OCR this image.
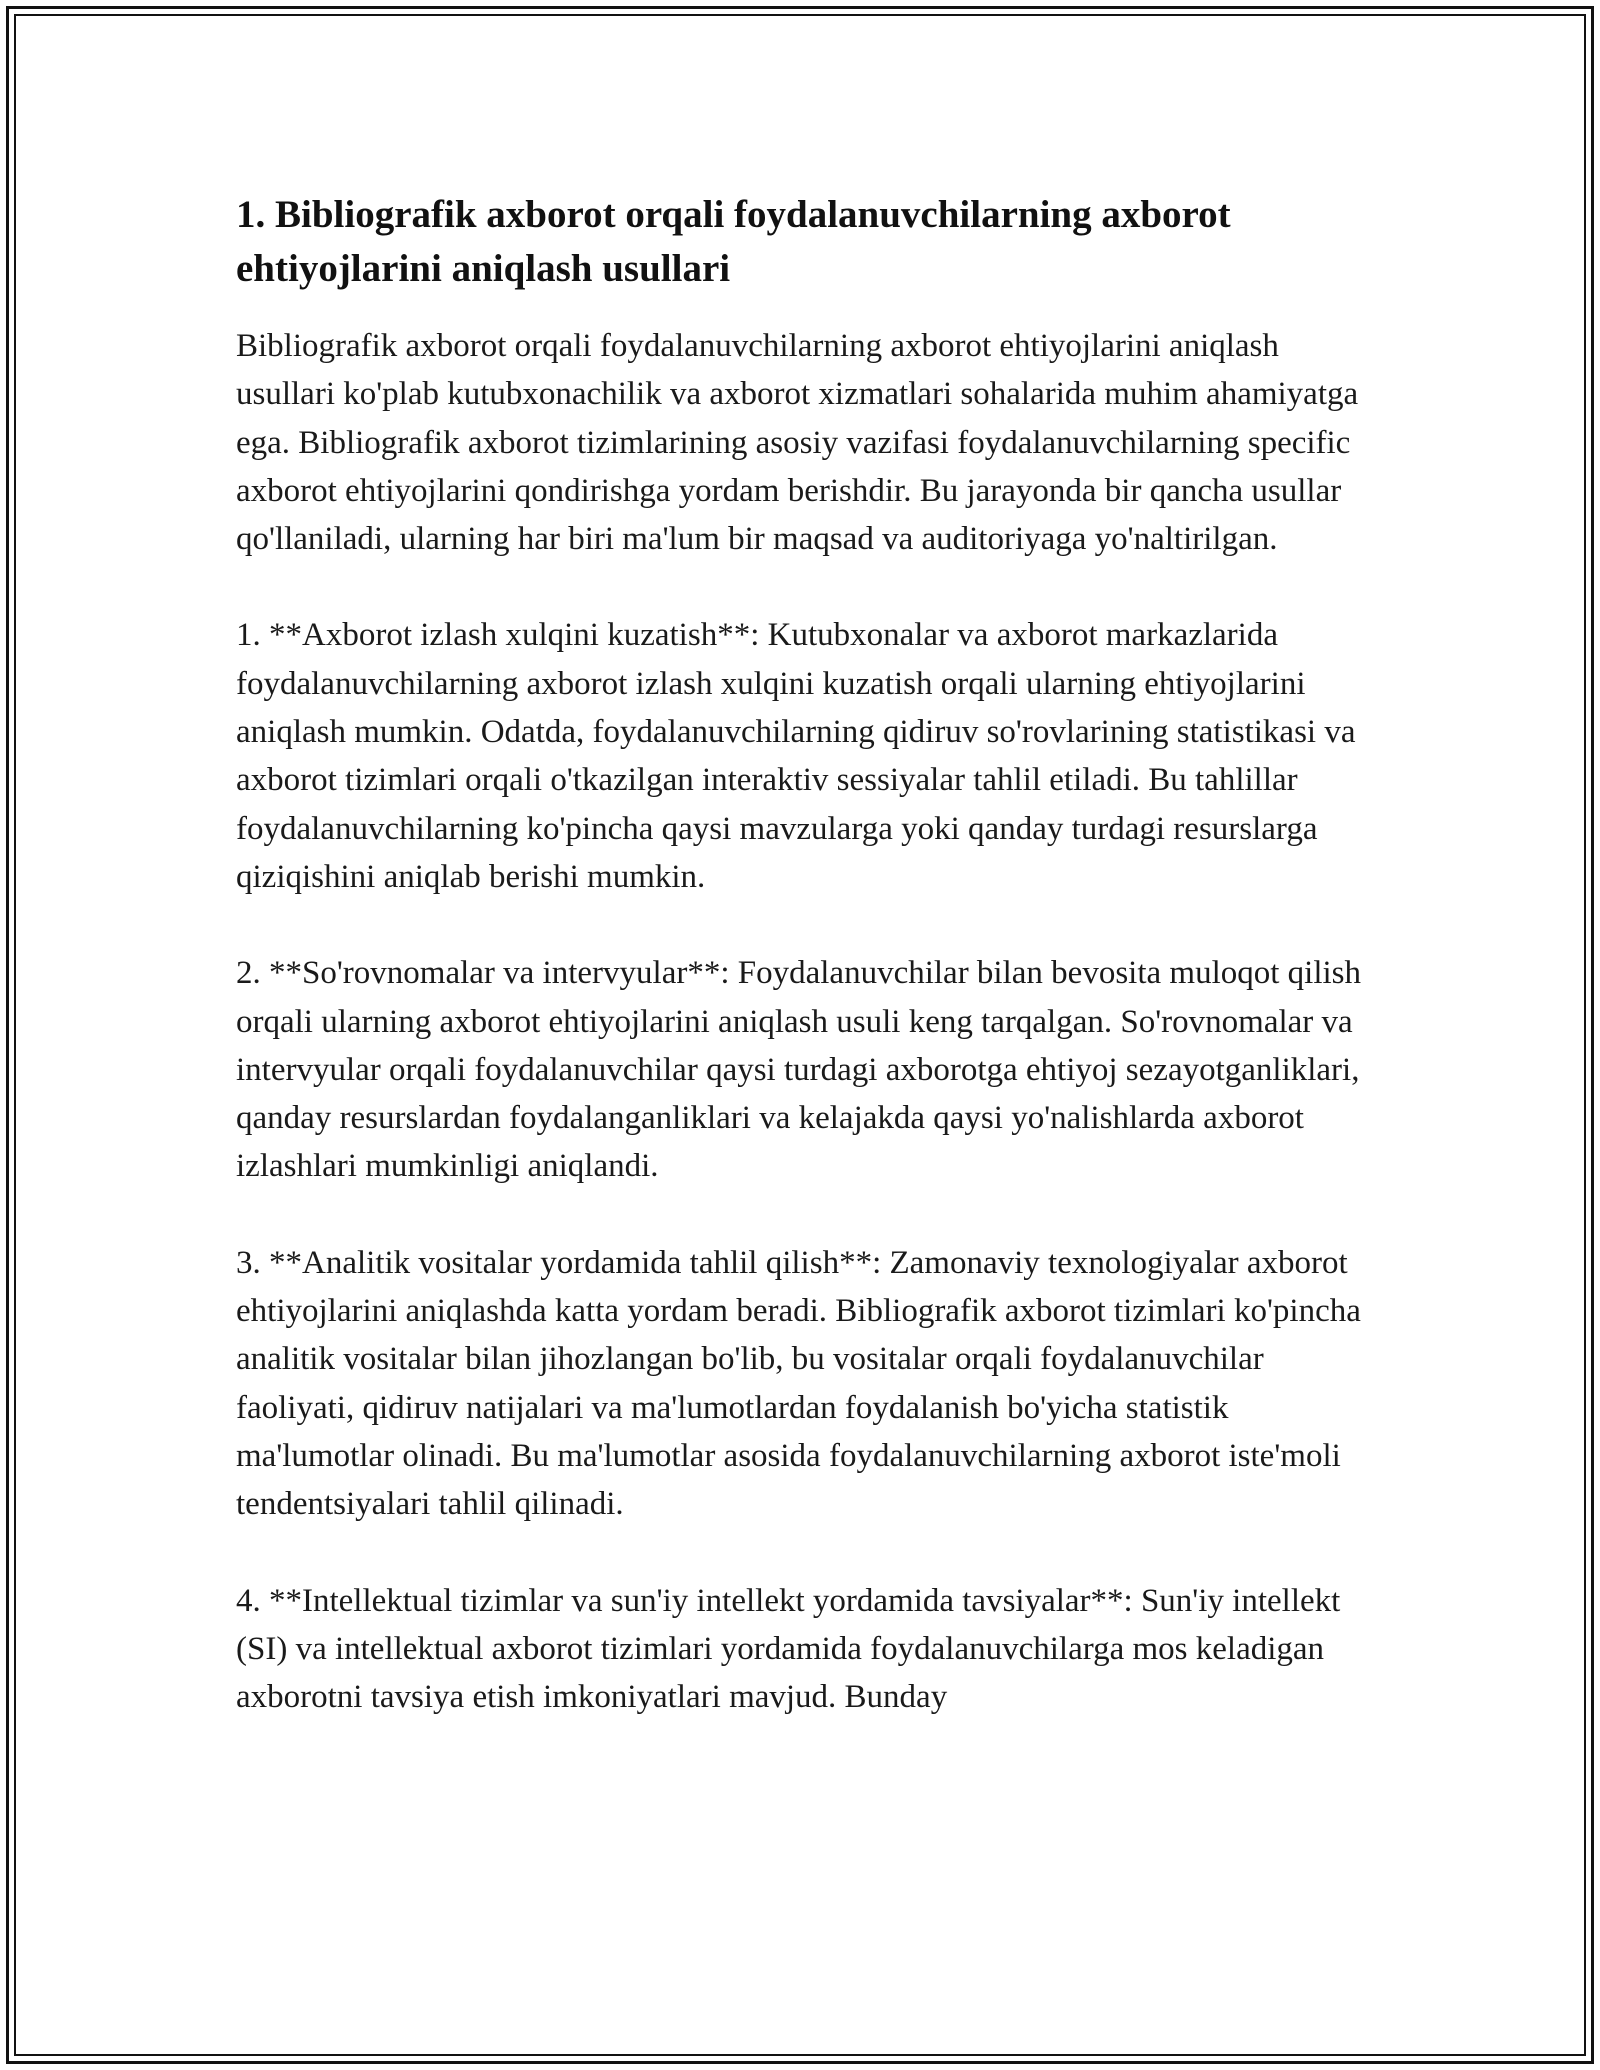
1. Bibliografik axborot orqali foydalanuvchilarning axborot ehtiyojlarini aniqlash usullari

Bibliografik axborot orqali foydalanuvchilarning axborot ehtiyojlarini aniqlash usullari ko'plab kutubxonachilik va axborot xizmatlari sohalarida muhim ahamiyatga ega. Bibliografik axborot tizimlarining asosiy vazifasi foydalanuvchilarning specific axborot ehtiyojlarini qondirishga yordam berishdir. Bu jarayonda bir qancha usullar qo'llaniladi, ularning har biri ma'lum bir maqsad va auditoriyaga yo'naltirilgan.

1. **Axborot izlash xulqini kuzatish**: Kutubxonalar va axborot markazlarida foydalanuvchilarning axborot izlash xulqini kuzatish orqali ularning ehtiyojlarini aniqlash mumkin. Odatda, foydalanuvchilarning qidiruv so'rovlarining statistikasi va axborot tizimlari orqali o'tkazilgan interaktiv sessiyalar tahlil etiladi. Bu tahlillar foydalanuvchilarning ko'pincha qaysi mavzularga yoki qanday turdagi resurslarga qiziqishini aniqlab berishi mumkin.

2. **So'rovnomalar va intervyular**: Foydalanuvchilar bilan bevosita muloqot qilish orqali ularning axborot ehtiyojlarini aniqlash usuli keng tarqalgan. So'rovnomalar va intervyular orqali foydalanuvchilar qaysi turdagi axborotga ehtiyoj sezayotganliklari, qanday resurslardan foydalanganliklari va kelajakda qaysi yo'nalishlarda axborot izlashlari mumkinligi aniqlandi.

3. **Analitik vositalar yordamida tahlil qilish**: Zamonaviy texnologiyalar axborot ehtiyojlarini aniqlashda katta yordam beradi. Bibliografik axborot tizimlari ko'pincha analitik vositalar bilan jihozlangan bo'lib, bu vositalar orqali foydalanuvchilar faoliyati, qidiruv natijalari va ma'lumotlardan foydalanish bo'yicha statistik ma'lumotlar olinadi. Bu ma'lumotlar asosida foydalanuvchilarning axborot iste'moli tendentsiyalari tahlil qilinadi.

4. **Intellektual tizimlar va sun'iy intellekt yordamida tavsiyalar**: Sun'iy intellekt (SI) va intellektual axborot tizimlari yordamida foydalanuvchilarga mos keladigan axborotni tavsiya etish imkoniyatlari mavjud. Bunday
